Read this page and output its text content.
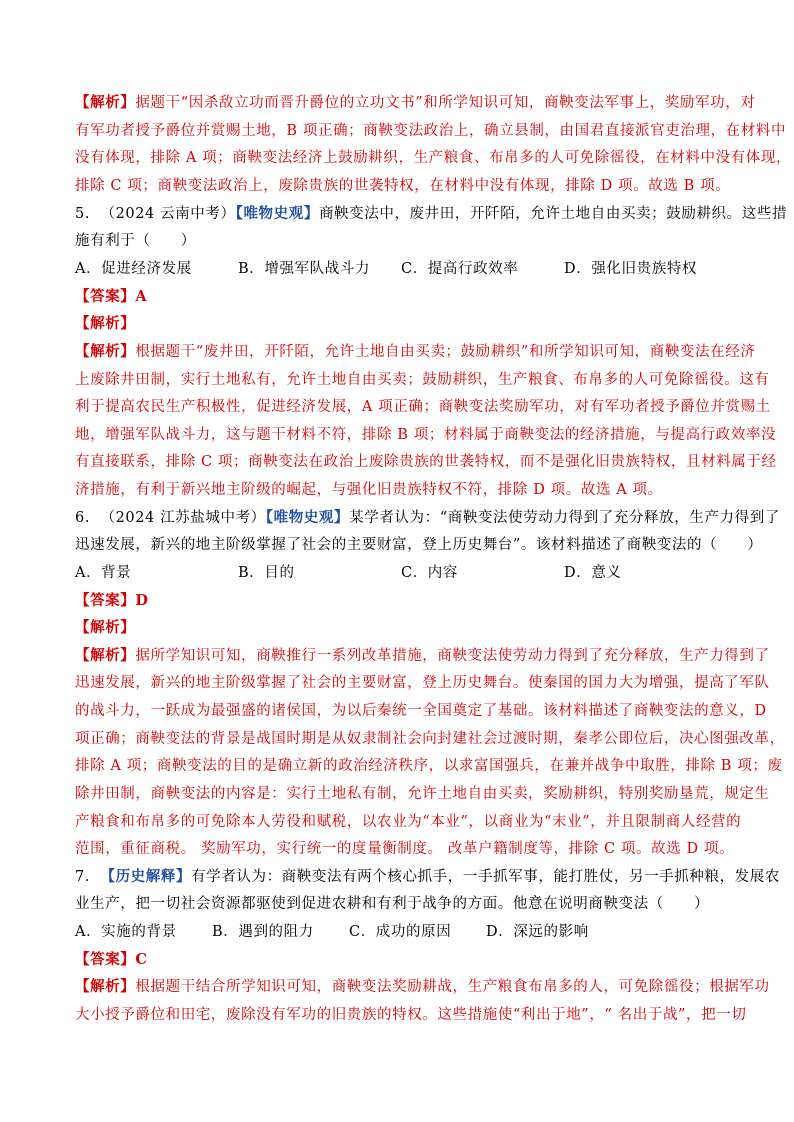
【解析】据题干“因杀敌立功而晋升爵位的立功文书”和所学知识可知，商鞅变法军事上，奖励军功，对
有军功者授予爵位并赏赐土地，B 项正确；商鞅变法政治上，确立县制，由国君直接派官吏治理，在材料中
没有体现，排除 A 项；商鞅变法经济上鼓励耕织，生产粮食、布帛多的人可免除徭役，在材料中没有体现，
排除 C 项；商鞅变法政治上，废除贵族的世袭特权，在材料中没有体现，排除 D 项。故选 B 项。
5. （2024 云南中考）【唯物史观】商鞅变法中，废井田，开阡陌，允许土地自由买卖；鼓励耕织。这些措
施有利于（　　）
A．促进经济发展	B．增强军队战斗力 C．提高行政效率	D．强化旧贵族特权
【答案】A
【解析】
【解析】根据题干“废井田，开阡陌，允许土地自由买卖；鼓励耕织”和所学知识可知，商鞅变法在经济
上废除井田制，实行土地私有，允许土地自由买卖；鼓励耕织，生产粮食、布帛多的人可免除徭役。这有
利于提高农民生产积极性，促进经济发展，A 项正确；商鞅变法奖励军功，对有军功者授予爵位并赏赐土
地，增强军队战斗力，这与题干材料不符，排除 B 项；材料属于商鞅变法的经济措施，与提高行政效率没
有直接联系，排除 C 项；商鞅变法在政治上废除贵族的世袭特权，而不是强化旧贵族特权，且材料属于经
济措施，有利于新兴地主阶级的崛起，与强化旧贵族特权不符，排除 D 项。故选 A 项。
6. （2024 江苏盐城中考）【唯物史观】某学者认为：“商鞅变法使劳动力得到了充分释放，生产力得到了
迅速发展，新兴的地主阶级掌握了社会的主要财富，登上历史舞台”。该材料描述了商鞅变法的（　　）
A．背景	B．目的	C．内容	D．意义
【答案】D
【解析】
【解析】据所学知识可知，商鞅推行一系列改革措施，商鞅变法使劳动力得到了充分释放，生产力得到了
迅速发展，新兴的地主阶级掌握了社会的主要财富，登上历史舞台。使秦国的国力大为增强，提高了军队
的战斗力，一跃成为最强盛的诸侯国，为以后秦统一全国奠定了基础。该材料描述了商鞅变法的意义，D
项正确；商鞅变法的背景是战国时期是从奴隶制社会向封建社会过渡时期，秦孝公即位后，决心图强改革，
排除 A 项；商鞅变法的目的是确立新的政治经济秩序，以求富国强兵，在兼并战争中取胜，排除 B 项；废
除井田制，商鞅变法的内容是：实行土地私有制，允许土地自由买卖，奖励耕织，特别奖励垦荒，规定生
产粮食和布帛多的可免除本人劳役和赋税，以农业为“本业”，以商业为“末业”，并且限制商人经营的
范围，重征商税。 奖励军功，实行统一的度量衡制度。 改革户籍制度等，排除 C 项。故选 D 项。
7. 【历史解释】有学者认为：商鞅变法有两个核心抓手，一手抓军事，能打胜仗，另一手抓种粮，发展农
业生产，把一切社会资源都驱使到促进农耕和有利于战争的方面。他意在说明商鞅变法（　　）
A．实施的背景 B．遇到的阻力 C．成功的原因 D．深远的影响
【答案】C
【解析】根据题干结合所学知识可知，商鞅变法奖励耕战，生产粮食布帛多的人，可免除徭役；根据军功
大小授予爵位和田宅，废除没有军功的旧贵族的特权。这些措施使“利出于地”，“ 名出于战”，把一切
